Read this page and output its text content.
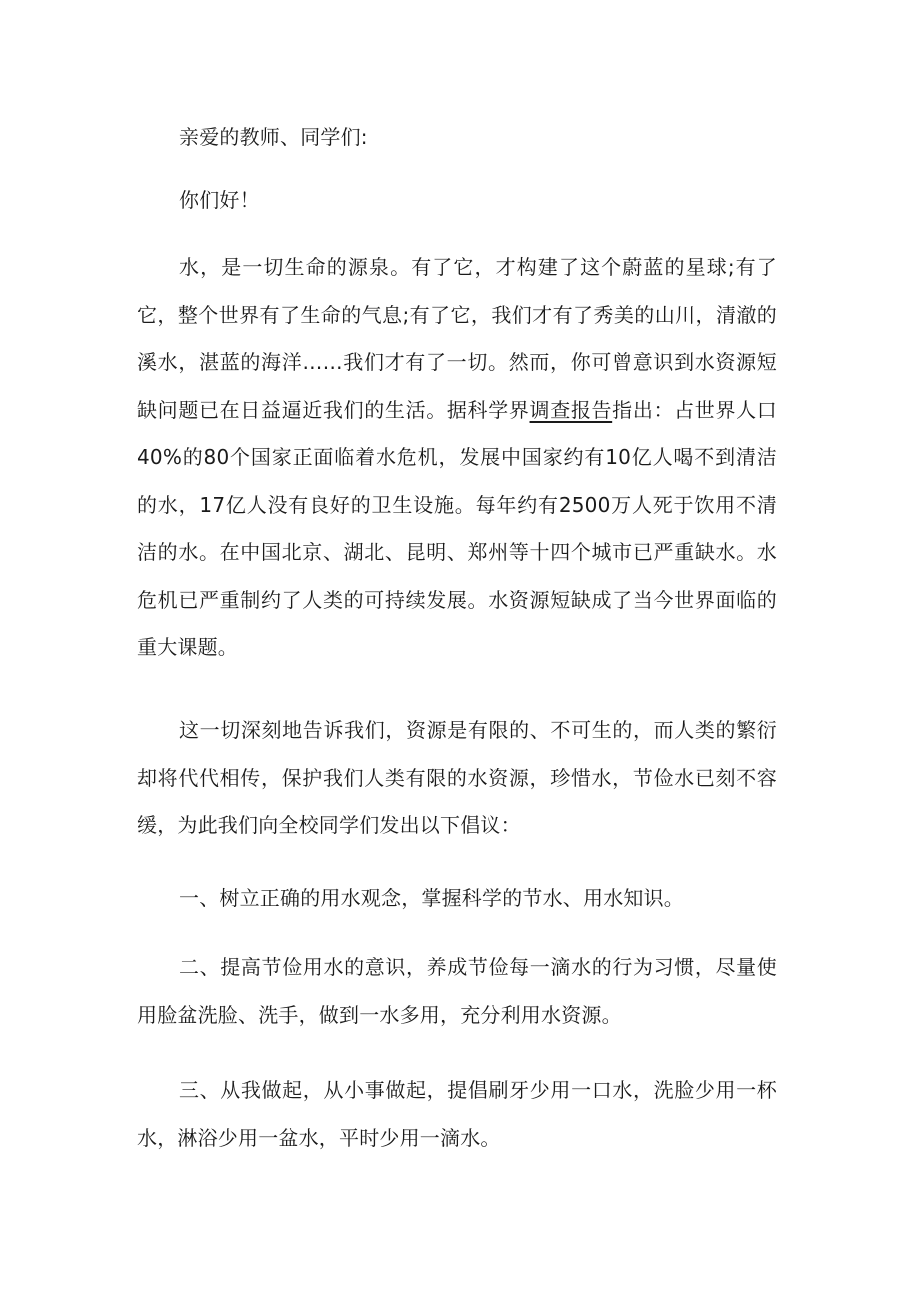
亲爱的教师、同学们:
你们好！
水，是一切生命的源泉。有了它，才构建了这个蔚蓝的星球;有了它，整个世界有了生命的气息;有了它，我们才有了秀美的山川，清澈的溪水，湛蓝的海洋……我们才有了一切。然而，你可曾意识到水资源短缺问题已在日益逼近我们的生活。据科学界调查报告指出：占世界人口40%的80个国家正面临着水危机，发展中国家约有10亿人喝不到清洁的水，17亿人没有良好的卫生设施。每年约有2500万人死于饮用不清洁的水。在中国北京、湖北、昆明、郑州等十四个城市已严重缺水。水危机已严重制约了人类的可持续发展。水资源短缺成了当今世界面临的重大课题。
这一切深刻地告诉我们，资源是有限的、不可生的，而人类的繁衍却将代代相传，保护我们人类有限的水资源，珍惜水，节俭水已刻不容缓，为此我们向全校同学们发出以下倡议：
一、树立正确的用水观念，掌握科学的节水、用水知识。
二、提高节俭用水的意识，养成节俭每一滴水的行为习惯，尽量使用脸盆洗脸、洗手，做到一水多用，充分利用水资源。
三、从我做起，从小事做起，提倡刷牙少用一口水，洗脸少用一杯水，淋浴少用一盆水，平时少用一滴水。
